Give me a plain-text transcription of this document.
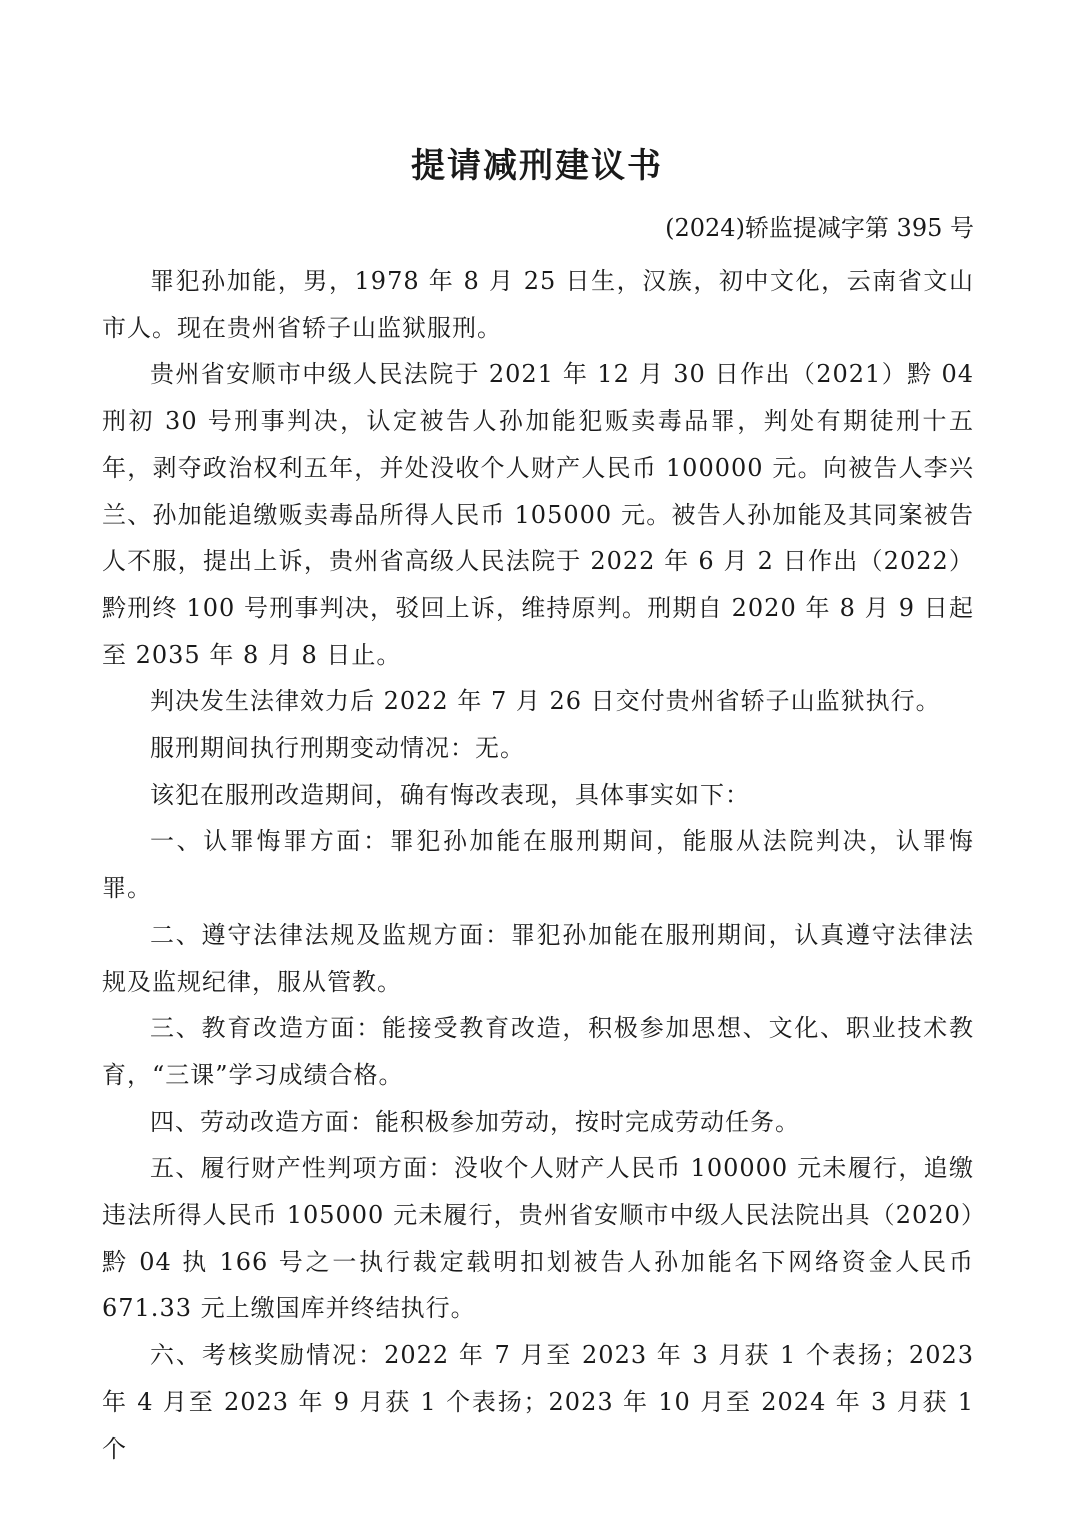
提请减刑建议书
(2024)轿监提减字第 395 号

罪犯孙加能，男，1978 年 8 月 25 日生，汉族，初中文化，云南省文山市人。现在贵州省轿子山监狱服刑。

贵州省安顺市中级人民法院于 2021 年 12 月 30 日作出（2021）黔 04 刑初 30 号刑事判决，认定被告人孙加能犯贩卖毒品罪，判处有期徒刑十五年，剥夺政治权利五年，并处没收个人财产人民币 100000 元。向被告人李兴兰、孙加能追缴贩卖毒品所得人民币 105000 元。被告人孙加能及其同案被告人不服，提出上诉，贵州省高级人民法院于 2022 年 6 月 2 日作出（2022）黔刑终 100 号刑事判决，驳回上诉，维持原判。刑期自 2020 年 8 月 9 日起至 2035 年 8 月 8 日止。

判决发生法律效力后 2022 年 7 月 26 日交付贵州省轿子山监狱执行。

服刑期间执行刑期变动情况：无。

该犯在服刑改造期间，确有悔改表现，具体事实如下：

一、认罪悔罪方面：罪犯孙加能在服刑期间，能服从法院判决，认罪悔罪。

二、遵守法律法规及监规方面：罪犯孙加能在服刑期间，认真遵守法律法规及监规纪律，服从管教。

三、教育改造方面：能接受教育改造，积极参加思想、文化、职业技术教育，“三课”学习成绩合格。

四、劳动改造方面：能积极参加劳动，按时完成劳动任务。

五、履行财产性判项方面：没收个人财产人民币 100000 元未履行，追缴违法所得人民币 105000 元未履行，贵州省安顺市中级人民法院出具（2020）黔 04 执 166 号之一执行裁定载明扣划被告人孙加能名下网络资金人民币 671.33 元上缴国库并终结执行。

六、考核奖励情况：2022 年 7 月至 2023 年 3 月获 1 个表扬；2023 年 4 月至 2023 年 9 月获 1 个表扬；2023 年 10 月至 2024 年 3 月获 1 个
